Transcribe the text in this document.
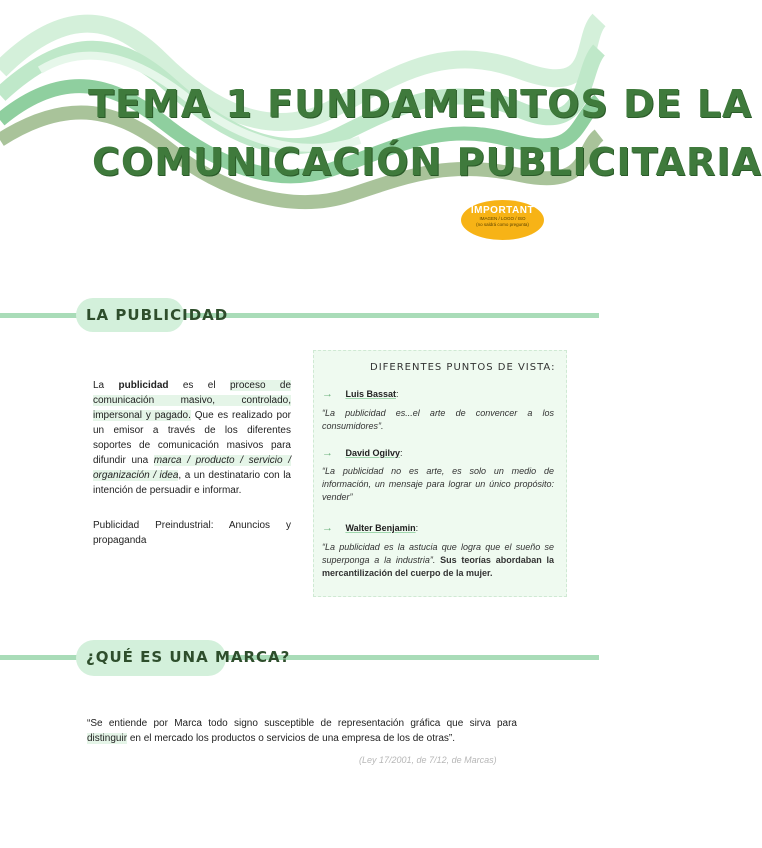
TEMA 1 FUNDAMENTOS DE LA
COMUNICACIÓN PUBLICITARIA
IMPORTANT
IMAGEN / LOGO / ISO
(no saldrá como pregunta)
LA PUBLICIDAD
La publicidad es el proceso de comunicación masivo, controlado, impersonal y pagado. Que es realizado por un emisor a través de los diferentes soportes de comunicación masivos para difundir una marca / producto / servicio / organización / idea, a un destinatario con la intención de persuadir e informar.
Publicidad Preindustrial: Anuncios y propaganda
DIFERENTES PUNTOS DE VISTA:
→ Luis Bassat:
“La publicidad es...el arte de convencer a los consumidores”.
→ David Ogilvy:
“La publicidad no es arte, es solo un medio de información, un mensaje para lograr un único propósito: vender”
→ Walter Benjamin:
“La publicidad es la astucia que logra que el sueño se superponga a la industria”. Sus teorías abordaban la mercantilización del cuerpo de la mujer.
¿QUÉ ES UNA MARCA?
“Se entiende por Marca todo signo susceptible de representación gráfica que sirva para distinguir en el mercado los productos o servicios de una empresa de los de otras”.
(Ley 17/2001, de 7/12, de Marcas)
